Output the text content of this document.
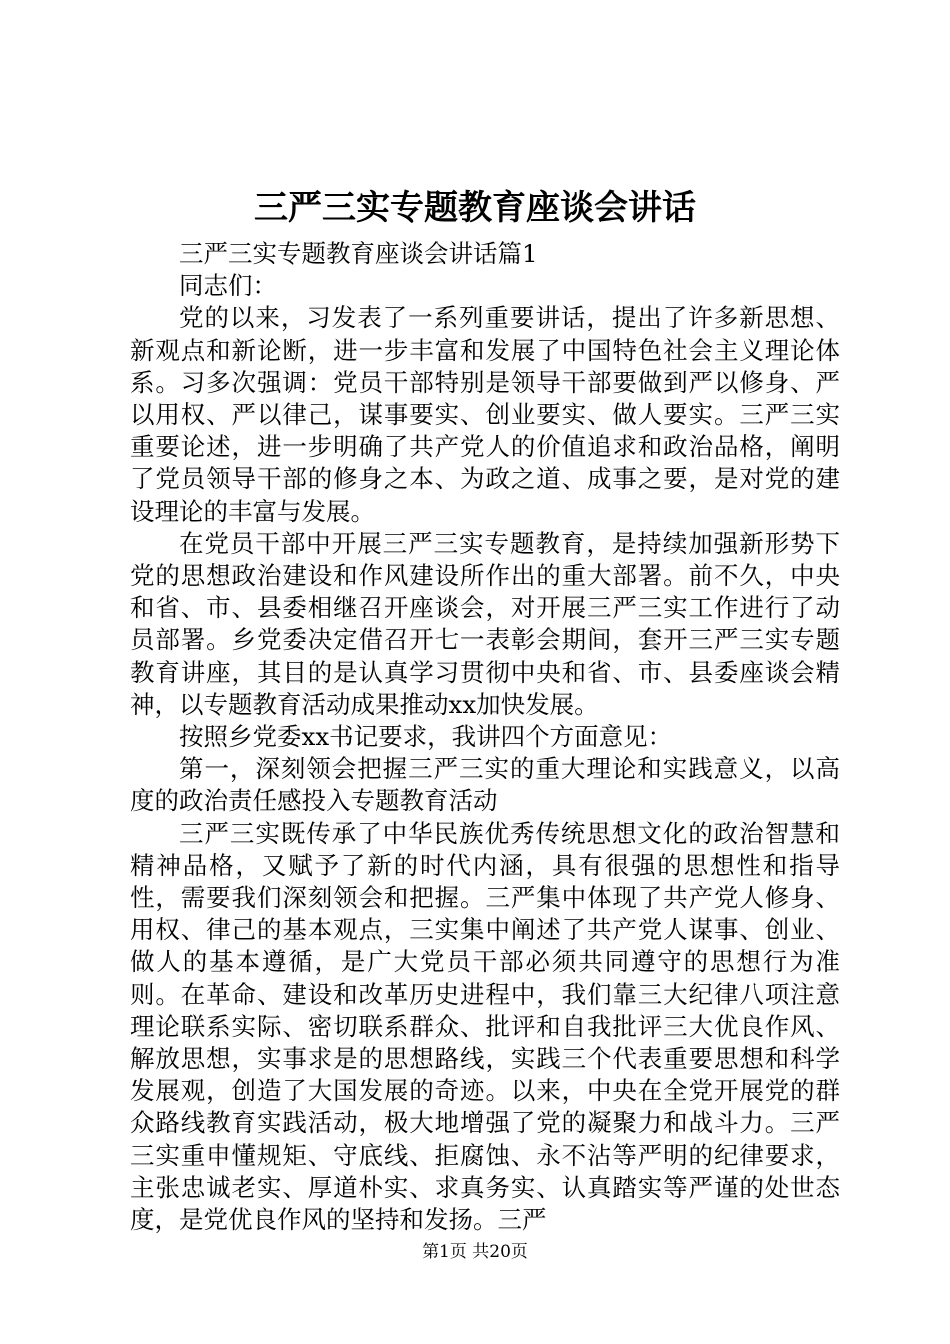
三严三实专题教育座谈会讲话

三严三实专题教育座谈会讲话篇1

同志们：

党的以来，习发表了一系列重要讲话，提出了许多新思想、新观点和新论断，进一步丰富和发展了中国特色社会主义理论体系。习多次强调：党员干部特别是领导干部要做到严以修身、严以用权、严以律己，谋事要实、创业要实、做人要实。三严三实重要论述，进一步明确了共产党人的价值追求和政治品格，阐明了党员领导干部的修身之本、为政之道、成事之要，是对党的建设理论的丰富与发展。

在党员干部中开展三严三实专题教育，是持续加强新形势下党的思想政治建设和作风建设所作出的重大部署。前不久，中央和省、市、县委相继召开座谈会，对开展三严三实工作进行了动员部署。乡党委决定借召开七一表彰会期间，套开三严三实专题教育讲座，其目的是认真学习贯彻中央和省、市、县委座谈会精神，以专题教育活动成果推动xx加快发展。

按照乡党委xx书记要求，我讲四个方面意见：

第一，深刻领会把握三严三实的重大理论和实践意义，以高度的政治责任感投入专题教育活动

三严三实既传承了中华民族优秀传统思想文化的政治智慧和精神品格，又赋予了新的时代内涵，具有很强的思想性和指导性，需要我们深刻领会和把握。三严集中体现了共产党人修身、用权、律己的基本观点，三实集中阐述了共产党人谋事、创业、做人的基本遵循，是广大党员干部必须共同遵守的思想行为准则。在革命、建设和改革历史进程中，我们靠三大纪律八项注意理论联系实际、密切联系群众、批评和自我批评三大优良作风、解放思想，实事求是的思想路线，实践三个代表重要思想和科学发展观，创造了大国发展的奇迹。以来，中央在全党开展党的群众路线教育实践活动，极大地增强了党的凝聚力和战斗力。三严三实重申懂规矩、守底线、拒腐蚀、永不沾等严明的纪律要求，主张忠诚老实、厚道朴实、求真务实、认真踏实等严谨的处世态度，是党优良作风的坚持和发扬。三严

第1页 共20页
